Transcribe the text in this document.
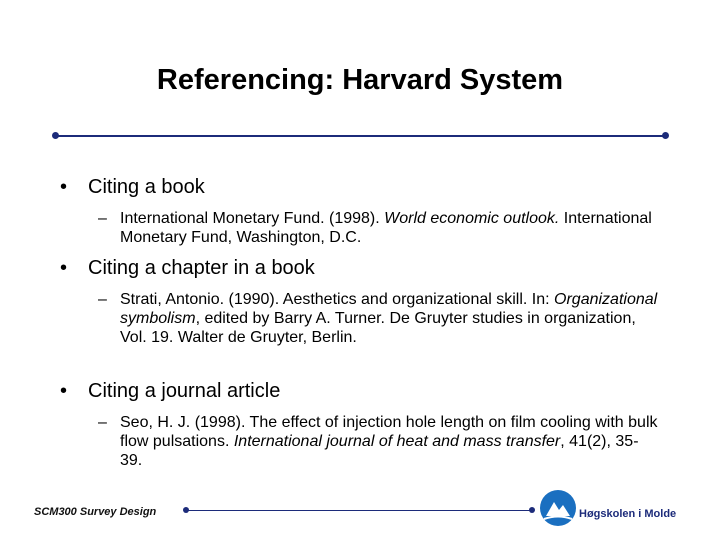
Referencing: Harvard System
• Citing a book
– International Monetary Fund. (1998). World economic outlook. International Monetary Fund, Washington, D.C.
• Citing a chapter in a book
– Strati, Antonio. (1990). Aesthetics and organizational skill. In: Organizational symbolism, edited by Barry A. Turner. De Gruyter studies in organization, Vol. 19. Walter de Gruyter, Berlin.
• Citing a journal article
– Seo, H. J. (1998). The effect of injection hole length on film cooling with bulk flow pulsations. International journal of heat and mass transfer, 41(2), 35-39.
SCM300 Survey Design	Høgskolen i Molde
